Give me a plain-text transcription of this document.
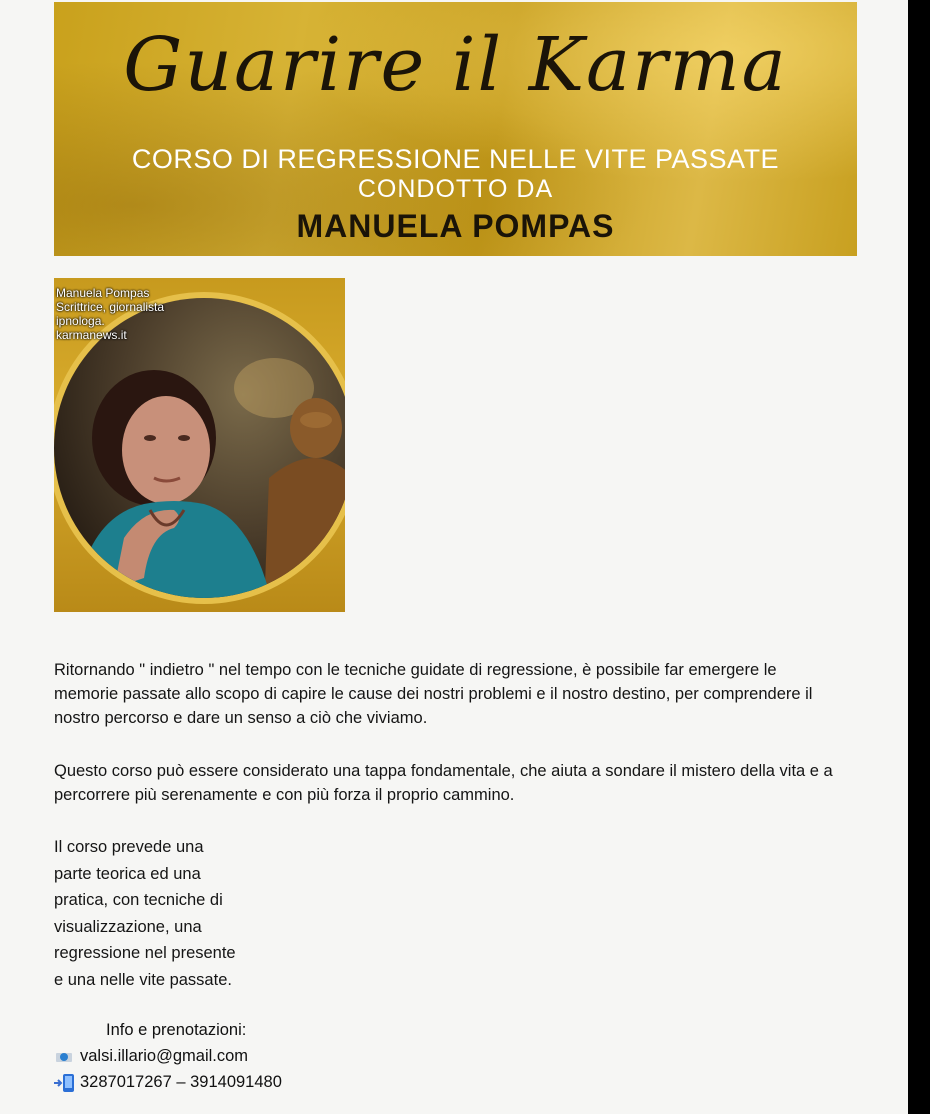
Guarire il Karma
CORSO DI REGRESSIONE NELLE VITE PASSATE
CONDOTTO DA
MANUELA POMPAS
Manuela Pompas
Scrittrice, giornalista
ipnologa.
karmanews.it
Ritornando " indietro " nel tempo con le tecniche guidate di regressione, è possibile far emergere le memorie passate allo scopo di capire le cause dei nostri problemi e il nostro destino, per comprendere il nostro percorso e dare un senso a ciò che viviamo.
Questo corso può essere considerato una tappa fondamentale, che aiuta a sondare il mistero della vita e a percorrere più serenamente e con più forza il proprio cammino.
Il corso prevede una
parte teorica ed una
pratica, con tecniche di
visualizzazione, una
regressione nel presente
e una nelle vite passate.
Info e prenotazioni:
valsi.illario@gmail.com
3287017267 – 3914091480
